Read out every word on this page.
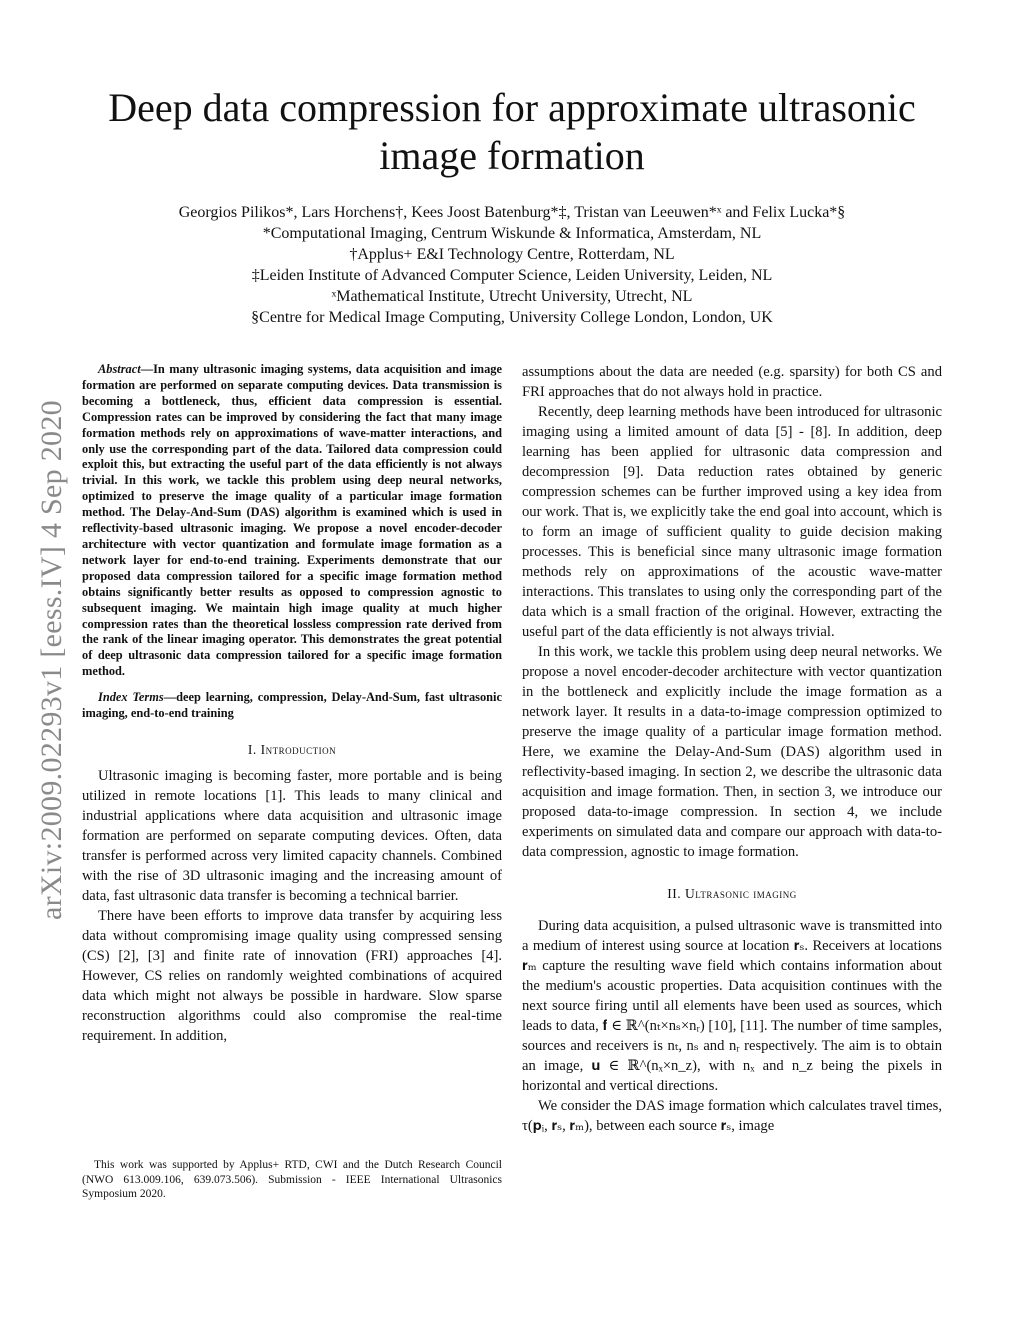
arXiv:2009.02293v1 [eess.IV] 4 Sep 2020
Deep data compression for approximate ultrasonic image formation
Georgios Pilikos*, Lars Horchens†, Kees Joost Batenburg*‡, Tristan van Leeuwen*ˣ and Felix Lucka*§
*Computational Imaging, Centrum Wiskunde & Informatica, Amsterdam, NL
†Applus+ E&I Technology Centre, Rotterdam, NL
‡Leiden Institute of Advanced Computer Science, Leiden University, Leiden, NL
ˣMathematical Institute, Utrecht University, Utrecht, NL
§Centre for Medical Image Computing, University College London, London, UK

Abstract—In many ultrasonic imaging systems, data acquisition and image formation are performed on separate computing devices. Data transmission is becoming a bottleneck, thus, efficient data compression is essential. Compression rates can be improved by considering the fact that many image formation methods rely on approximations of wave-matter interactions, and only use the corresponding part of the data. Tailored data compression could exploit this, but extracting the useful part of the data efficiently is not always trivial. In this work, we tackle this problem using deep neural networks, optimized to preserve the image quality of a particular image formation method. The Delay-And-Sum (DAS) algorithm is examined which is used in reflectivity-based ultrasonic imaging. We propose a novel encoder-decoder architecture with vector quantization and formulate image formation as a network layer for end-to-end training. Experiments demonstrate that our proposed data compression tailored for a specific image formation method obtains significantly better results as opposed to compression agnostic to subsequent imaging. We maintain high image quality at much higher compression rates than the theoretical lossless compression rate derived from the rank of the linear imaging operator. This demonstrates the great potential of deep ultrasonic data compression tailored for a specific image formation method.

Index Terms—deep learning, compression, Delay-And-Sum, fast ultrasonic imaging, end-to-end training

I. Introduction

Ultrasonic imaging is becoming faster, more portable and is being utilized in remote locations [1]. This leads to many clinical and industrial applications where data acquisition and ultrasonic image formation are performed on separate computing devices. Often, data transfer is performed across very limited capacity channels. Combined with the rise of 3D ultrasonic imaging and the increasing amount of data, fast ultrasonic data transfer is becoming a technical barrier.

There have been efforts to improve data transfer by acquiring less data without compromising image quality using compressed sensing (CS) [2], [3] and finite rate of innovation (FRI) approaches [4]. However, CS relies on randomly weighted combinations of acquired data which might not always be possible in hardware. Slow sparse reconstruction algorithms could also compromise the real-time requirement. In addition,

This work was supported by Applus+ RTD, CWI and the Dutch Research Council (NWO 613.009.106, 639.073.506). Submission - IEEE International Ultrasonics Symposium 2020.

assumptions about the data are needed (e.g. sparsity) for both CS and FRI approaches that do not always hold in practice.

Recently, deep learning methods have been introduced for ultrasonic imaging using a limited amount of data [5] - [8]. In addition, deep learning has been applied for ultrasonic data compression and decompression [9]. Data reduction rates obtained by generic compression schemes can be further improved using a key idea from our work. That is, we explicitly take the end goal into account, which is to form an image of sufficient quality to guide decision making processes. This is beneficial since many ultrasonic image formation methods rely on approximations of the acoustic wave-matter interactions. This translates to using only the corresponding part of the data which is a small fraction of the original. However, extracting the useful part of the data efficiently is not always trivial.

In this work, we tackle this problem using deep neural networks. We propose a novel encoder-decoder architecture with vector quantization in the bottleneck and explicitly include the image formation as a network layer. It results in a data-to-image compression optimized to preserve the image quality of a particular image formation method. Here, we examine the Delay-And-Sum (DAS) algorithm used in reflectivity-based imaging. In section 2, we describe the ultrasonic data acquisition and image formation. Then, in section 3, we introduce our proposed data-to-image compression. In section 4, we include experiments on simulated data and compare our approach with data-to-data compression, agnostic to image formation.

II. Ultrasonic imaging

During data acquisition, a pulsed ultrasonic wave is transmitted into a medium of interest using source at location 𝐫ₛ. Receivers at locations 𝐫ₘ capture the resulting wave field which contains information about the medium's acoustic properties. Data acquisition continues with the next source firing until all elements have been used as sources, which leads to data, 𝐟 ∈ ℝ^(nₜ×nₛ×nᵣ) [10], [11]. The number of time samples, sources and receivers is nₜ, nₛ and nᵣ respectively. The aim is to obtain an image, 𝐮 ∈ ℝ^(nₓ×n_z), with nₓ and n_z being the pixels in horizontal and vertical directions.

We consider the DAS image formation which calculates travel times, τ(𝐩ᵢ, 𝐫ₛ, 𝐫ₘ), between each source 𝐫ₛ, image
